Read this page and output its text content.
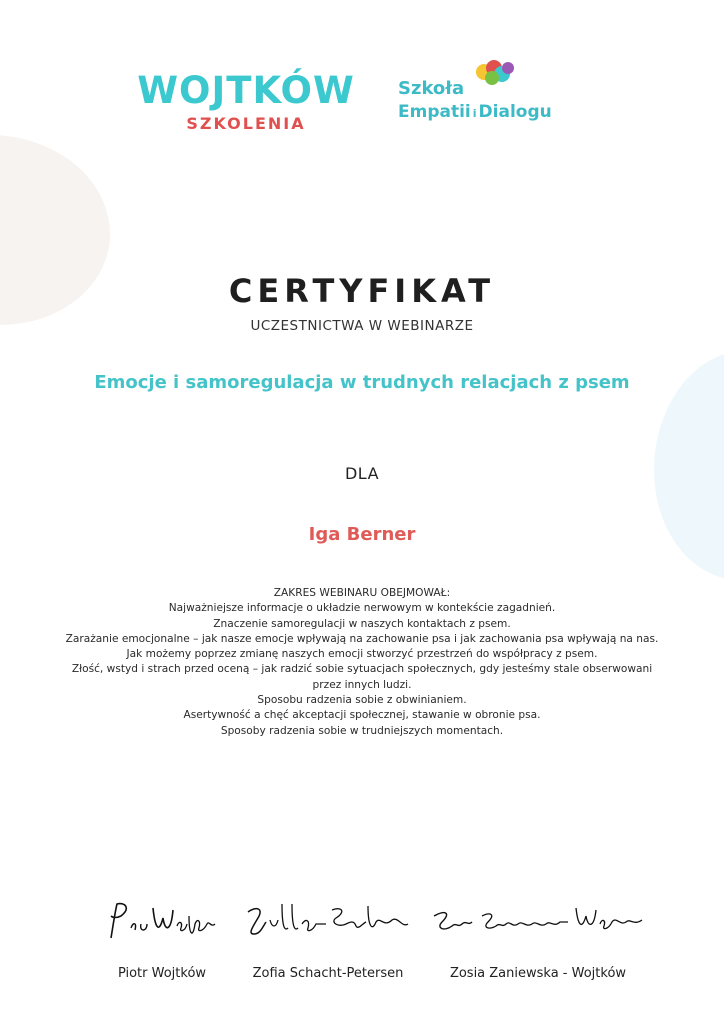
WOJTKÓW
SZKOLENIA
Szkoła
Empatii i Dialogu
CERTYFIKAT
UCZESTNICTWA W WEBINARZE
Emocje i samoregulacja w trudnych relacjach z psem
DLA
Iga Berner
ZAKRES WEBINARU OBEJMOWAŁ:
Najważniejsze informacje o układzie nerwowym w kontekście zagadnień.
Znaczenie samoregulacji w naszych kontaktach z psem.
Zarażanie emocjonalne – jak nasze emocje wpływają na zachowanie psa i jak zachowania psa wpływają na nas.
Jak możemy poprzez zmianę naszych emocji stworzyć przestrzeń do współpracy z psem.
Złość, wstyd i strach przed oceną – jak radzić sobie sytuacjach społecznych, gdy jesteśmy stale obserwowani przez innych ludzi.
Sposobu radzenia sobie z obwinianiem.
Asertywność a chęć akceptacji społecznej, stawanie w obronie psa.
Sposoby radzenia sobie w trudniejszych momentach.
Piotr Wojtków	Zofia Schacht-Petersen	Zosia Zaniewska - Wojtków
